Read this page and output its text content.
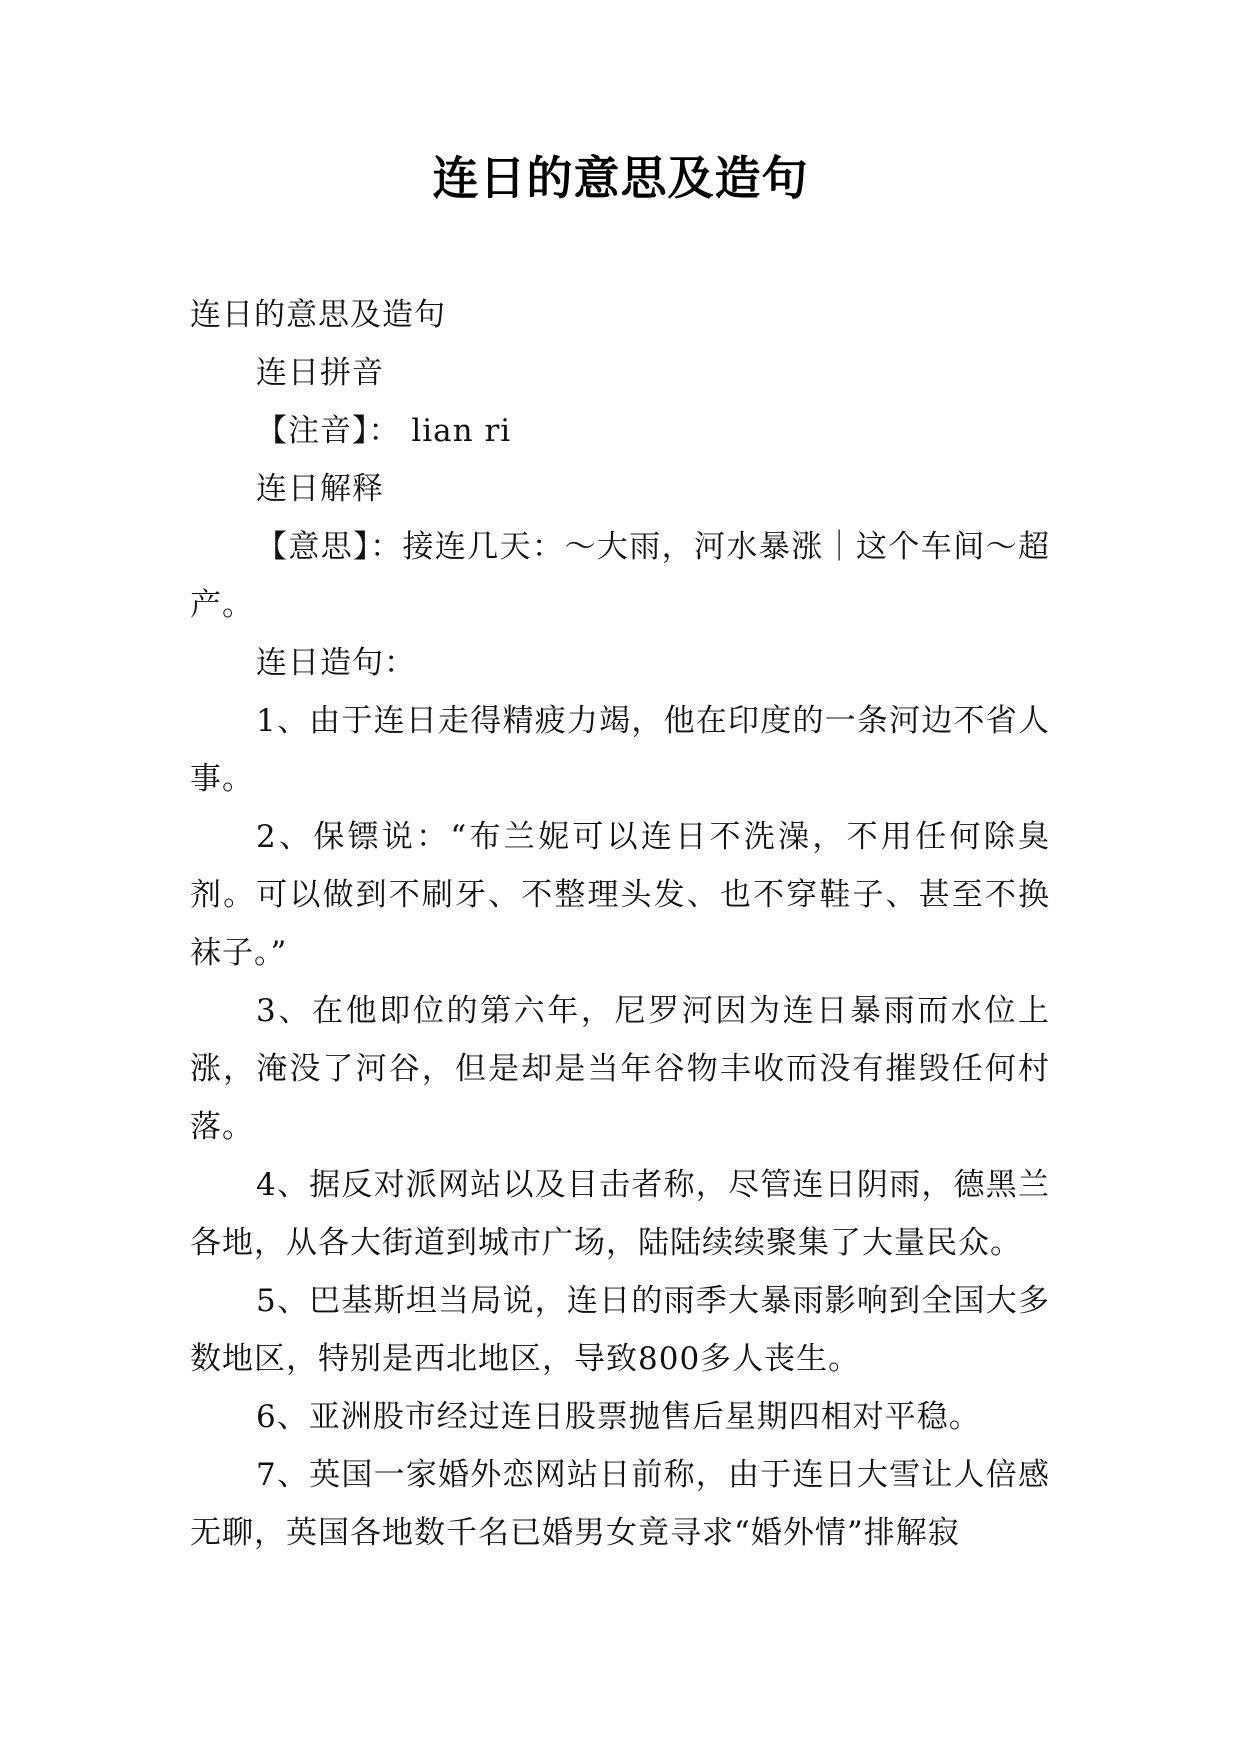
连日的意思及造句

连日的意思及造句

连日拼音

【注音】： lian ri

连日解释

【意思】：接连几天：～大雨，河水暴涨｜这个车间～超产。

连日造句：

1、由于连日走得精疲力竭，他在印度的一条河边不省人事。

2、保镖说：“布兰妮可以连日不洗澡，不用任何除臭剂。可以做到不刷牙、不整理头发、也不穿鞋子、甚至不换袜子。”

3、在他即位的第六年，尼罗河因为连日暴雨而水位上涨，淹没了河谷，但是却是当年谷物丰收而没有摧毁任何村落。

4、据反对派网站以及目击者称，尽管连日阴雨，德黑兰各地，从各大街道到城市广场，陆陆续续聚集了大量民众。

5、巴基斯坦当局说，连日的雨季大暴雨影响到全国大多数地区，特别是西北地区，导致800多人丧生。

6、亚洲股市经过连日股票抛售后星期四相对平稳。

7、英国一家婚外恋网站日前称，由于连日大雪让人倍感无聊，英国各地数千名已婚男女竟寻求“婚外情”排解寂
